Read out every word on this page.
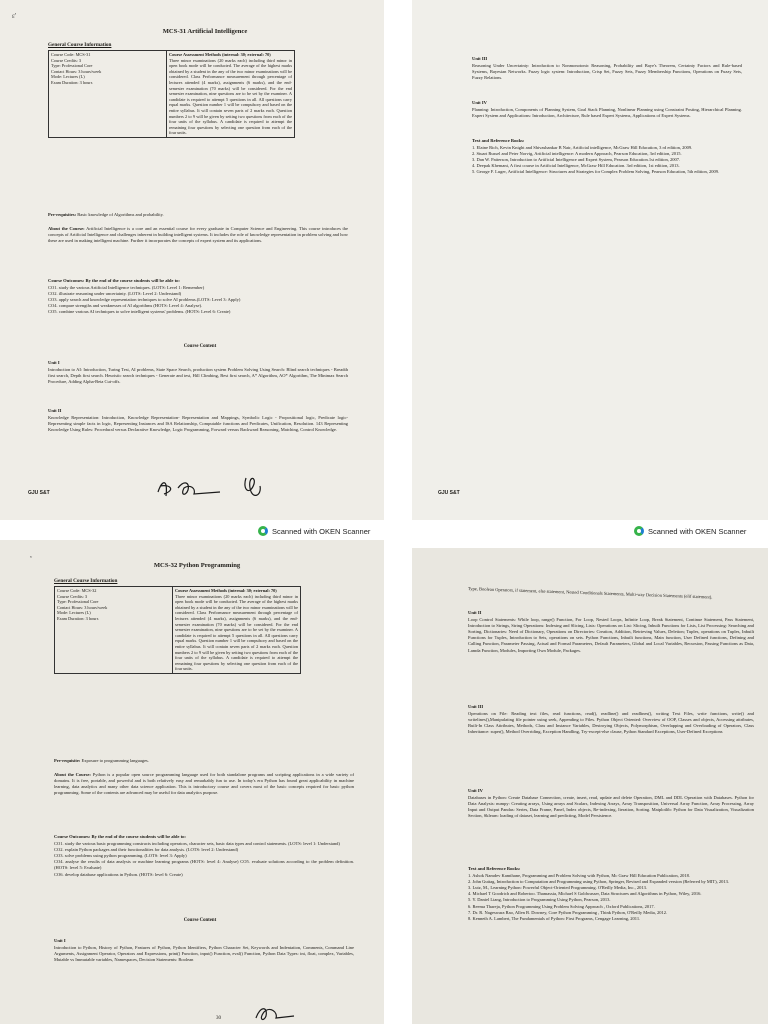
ε'
MCS-31 Artificial Intelligence
General Course Information
Course Code: MCS-31
Course Credits: 3
Type: Professional Core
Contact Hours: 3 hours/week
Mode: Lectures (L)
Exam Duration: 3 hours
	Course Assessment Methods (internal: 30; external: 70)
Three minor examinations (20 marks each) including third minor in open book mode will be conducted. The average of the highest marks obtained by a student in the any of the two minor examinations will be considered. Class Performance measurement through percentage of lectures attended (4 marks), assignments (6 marks), and the end-semester examination (70 marks) will be considered. For the end semester examination, nine questions are to be set by the examiner. A candidate is required to attempt 5 questions in all. All questions carry equal marks. Question number 1 will be compulsory and based on the entire syllabus. It will contain seven parts of 2 marks each. Question numbers 2 to 9 will be given by setting two questions from each of the four units of the syllabus. A candidate is required to attempt the remaining four questions by selecting one question from each of the four units.
Pre-requisites: Basic knowledge of Algorithms and probability.
About the Course: Artificial Intelligence is a core and an essential course for every graduate in Computer Science and Engineering. This course introduces the concepts of Artificial Intelligence and challenges inherent in building intelligent systems. It includes the role of knowledge representation in problem solving and how these are used in making intelligent machine. Further it incorporates the concepts of expert system and its applications.
Course Outcomes: By the end of the course students will be able to:
CO1. study the various Artificial Intelligence techniques. (LOTS: Level 1: Remember)
CO2. illustrate reasoning under uncertainty. (LOTS: Level 2: Understand)
CO3. apply search and knowledge representation techniques to solve AI problems.(LOTS: Level 3: Apply)
CO4. compare strengths and weaknesses of AI algorithms (HOTS: Level 4: Analyse).
CO5. combine various AI techniques to solve intelligent systems' problems. (HOTS: Level 6: Create)
Course Content
Unit I
Introduction to AI: Introduction, Turing Test, AI problems, State Space Search, production system Problem Solving Using Search: Blind search techniques - Breadth first search, Depth first search. Heuristic search techniques - Generate and test, Hill Climbing, Best first search, A* Algorithm, AO* Algorithm, The Minimax Search Procedure, Adding Alpha-Beta Cut-offs.
Unit II
Knowledge Representation: Introduction, Knowledge Representation- Representation and Mappings, Symbolic Logic - Propositional logic, Predicate logic- Representing simple facts in logic, Representing Instances and ISA Relationship, Computable functions and Predicates, Unification, Resolution. 143 Representing Knowledge Using Rules: Procedural versus Declarative Knowledge, Logic Programming, Forward versus Backward Reasoning, Matching, Control Knowledge.
GJU S&T
Unit III
Reasoning Under Uncertainty: Introduction to Nonmonotonic Reasoning, Probability and Baye's Theorem, Certainty Factors and Rule-based Systems, Bayesian Networks. Fuzzy logic system: Introduction, Crisp Set, Fuzzy Sets, Fuzzy Membership Functions, Operations on Fuzzy Sets, Fuzzy Relations.
Unit IV
Planning: Introduction, Components of Planning System, Goal Stack Planning, Nonlinear Planning using Constraint Posting, Hierarchical Planning. Expert System and Applications: Introduction, Architecture, Rule based Expert Systems, Applications of Expert Systems.
Text and Reference Books:
1. Elaine Rich, Kevin Knight and Shivashankar B Nair, Artificial intelligence, McGraw Hill Education, 3 rd edition, 2009.
2. Stuart Russel and Peter Norvig, Artificial intelligence: A modern Approach, Pearson Education, 3rd edition, 2015.
3. Dan W. Patterson, Introduction to Artificial Intelligence and Expert System, Pearson Education.1st edition, 2007.
4. Deepak Khemani, A first course in Artificial Intelligence, McGraw Hill Education. 3rd edition, 1st edition, 2013.
5. George F. Luger, Artificial Intelligence: Structures and Strategies for Complex Problem Solving, Pearson Education, 5th edition, 2009.
GJU S&T
Scanned with OKEN Scanner	Scanned with OKEN Scanner
ᵛ
MCS-32 Python Programming
General Course Information
Course Code: MCS-32
Course Credits: 3
Type: Professional Core
Contact Hours: 3 hours/week
Mode: Lectures (L)
Exam Duration: 3 hours
	Course Assessment Methods (internal: 30; external: 70)
Three minor examinations (20 marks each) including third minor in open book mode will be conducted. The average of the highest marks obtained by a student in the any of the two minor examinations will be considered. Class Performance measurement through percentage of lectures attended (4 marks), assignments (6 marks), and the end-semester examination (70 marks) will be considered. For the end semester examination, nine questions are to be set by the examiner. A candidate is required to attempt 5 questions in all. All questions carry equal marks. Question number 1 will be compulsory and based on the entire syllabus. It will contain seven parts of 2 marks each. Question numbers 2 to 9 will be given by setting two questions from each of the four units of the syllabus. A candidate is required to attempt the remaining four questions by selecting one question from each of the four units.
Pre-requisite: Exposure to programming languages.
About the Course: Python is a popular open source programming language used for both standalone programs and scripting applications in a wide variety of domains. It is free, portable, and powerful and is both relatively easy and remarkably fun to use. In today's era Python has found great applicability in machine learning, data analytics and many other data science application. This is introductory course and covers most of the basic concepts required for basic python programming. Some of the contents are advanced may be useful for data analytics purpose.
Course Outcomes: By the end of the course students will be able to:
CO1. study the various basic programming constructs including operators, character sets, basic data types and control statements. (LOTS: level 1: Understand)
CO2. explain Python packages and their functionalities for data analysis. (LOTS: level 2: Understand)
CO3. solve problems using python programming. (LOTS: level 3: Apply)
CO4. analyse the results of data analysis or machine learning programs (HOTS: level 4: Analyse) CO5. evaluate solutions according to the problem definition. (HOTS: level 5: Evaluate)
CO6. develop database applications in Python. (HOTS: level 6: Create)
Course Content
Unit I
Introduction to Python, History of Python, Features of Python, Python Identifiers, Python Character Set, Keywords and Indentation, Comments, Command Line Arguments, Assignment Operator, Operators and Expressions, print() Function, input() Function, eval() Function, Python Data Types: int, float, complex, Variables, Mutable vs Immutable variables, Namespaces, Decision Statements: Boolean
30
Type, Boolean Operators, if statement, else statement, Nested Conditionals Statements, Multi-way Decision Statements (elif statement).
Unit II
Loop Control Statements: While loop, range() Function, For Loop, Nested Loops, Infinite Loop, Break Statement, Continue Statement, Pass Statement, Introduction to Strings, String Operations: Indexing and Slicing, Lists: Operations on List: Slicing, Inbuilt Functions for Lists, List Processing: Searching and Sorting, Dictionaries: Need of Dictionary, Operations on Directories: Creation, Addition, Retrieving Values, Deletion; Tuples, operations on Tuples, Inbuilt Functions for Tuples, Introduction to Sets, operations on sets. Python Functions, Inbuilt functions, Main function, User Defined functions, Defining and Calling Function, Parameter Passing, Actual and Formal Parameters, Default Parameters, Global and Local Variables, Recursion, Passing Functions as Data, Lamda Function, Modules, Importing Own Module, Packages.
Unit III
Operations on File: Reading text files, read functions, read(), readline() and readlines(), writing Text Files, write functions, write() and writelines(),Manipulating file pointer using seek, Appending to Files. Python Object Oriented: Overview of OOP, Classes and objects, Accessing attributes, Built-In Class Attributes, Methods, Class and Instance Variables, Destroying Objects, Polymorphism, Overlapping and Overloading of Operators, Class Inheritance: super(), Method Overriding, Exception Handling, Try-except-else clause, Python Standard Exceptions, User-Defined Exceptions
Unit IV
Databases in Python: Create Database Connection, create, insert, read, update and delete Operation, DML and DDL Operation with Databases. Python for Data Analysis: numpy: Creating arrays, Using arrays and Scalars, Indexing Arrays, Array Transposition, Universal Array Function, Array Processing, Array Input and Output Pandas: Series, Data Frame, Panel, Index objects, Re-indexing, Iteration, Sorting. Matplotlib: Python for Data Visualization, Visualization Section, Sklearn: loading of dataset, learning and predicting, Model Persistence.
Text and Reference Books:
1. Ashok Namdev Kamthane, Programming and Problem Solving with Python, Mc Graw Hill Education Publication, 2018.
2. John Guttag, Introduction to Computation and Programming using Python, Springer, Revised and Expanded version (Referred by MIT), 2013.
3. Lutz, M., Learning Python: Powerful Object-Oriented Programming. O'Reilly Media, Inc., 2013.
4. Michael T Goodrich and Robertoo. Thamassia, Michael S Goldwasser, Data Structures and Algorithms in Python, Wiley, 2016.
5. Y. Daniel Liang, Introduction to Programming Using Python, Pearson, 2013.
6. Reema Thareja, Python Programming Using Problem Solving Approach , Oxford Publications, 2017.
7. Dr. R. Nageswara Rao, Allen B. Downey, Core Python Programming , Think Python, O'Reilly Media, 2012.
8. Kenneth A. Lambert, The Fundamentals of Python: First Programs, Cengage Learning, 2011.
